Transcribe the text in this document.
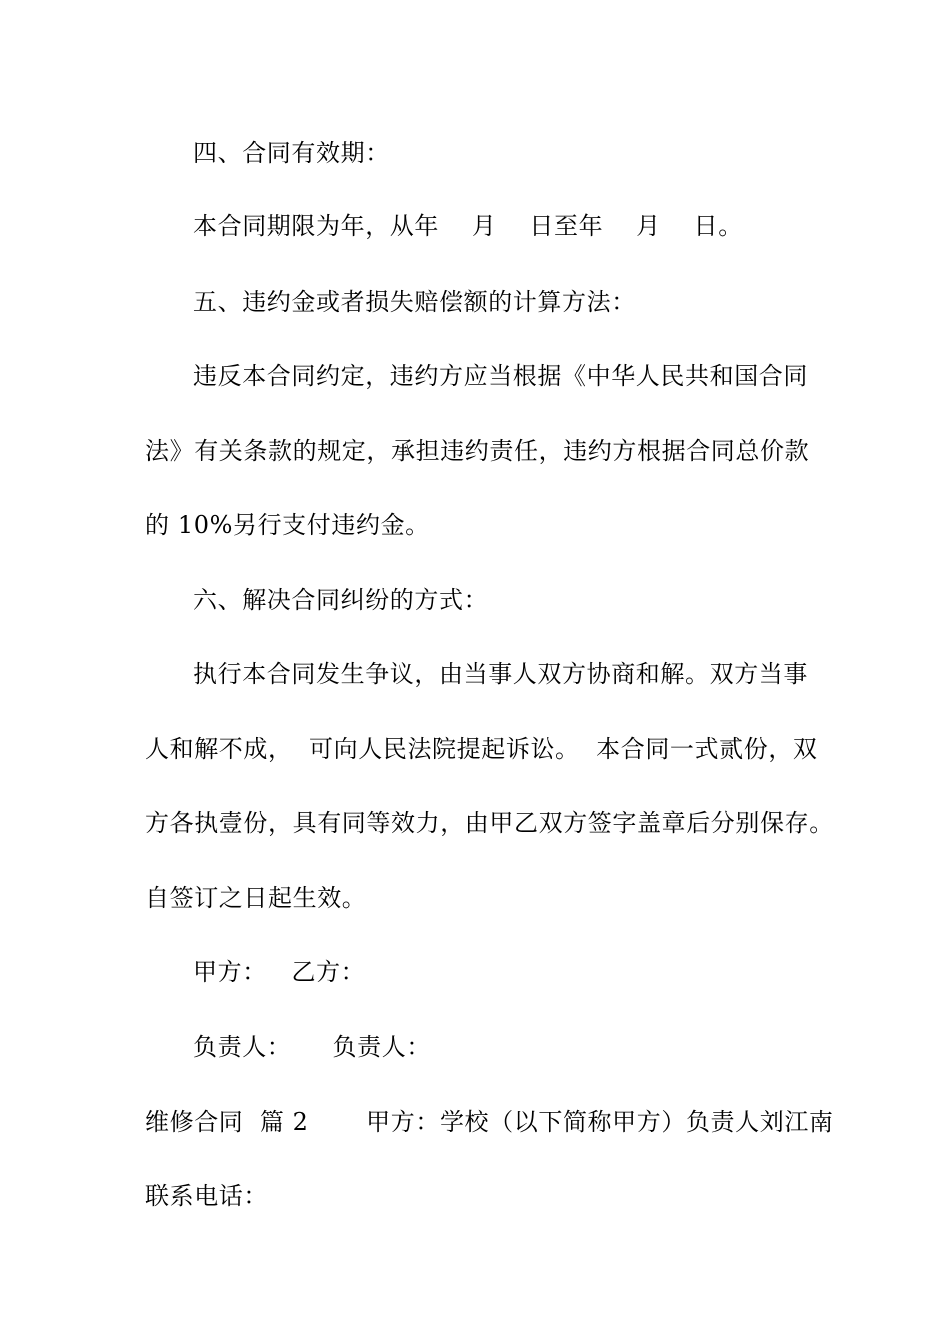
四、合同有效期：
本合同期限为年，从年    月    日至年    月    日。
五、违约金或者损失赔偿额的计算方法：
违反本合同约定，违约方应当根据《中华人民共和国合同
法》有关条款的规定，承担违约责任，违约方根据合同总价款
的 10%另行支付违约金。
六、解决合同纠纷的方式：
执行本合同发生争议，由当事人双方协商和解。双方当事
人和解不成，  可向人民法院提起诉讼。  本合同一式贰份，双
方各执壹份，具有同等效力，由甲乙双方签字盖章后分别保存。
自签订之日起生效。
甲方：   乙方：
负责人：     负责人：
维修合同  篇 2       甲方：学校（以下简称甲方）负责人刘江南
联系电话：
